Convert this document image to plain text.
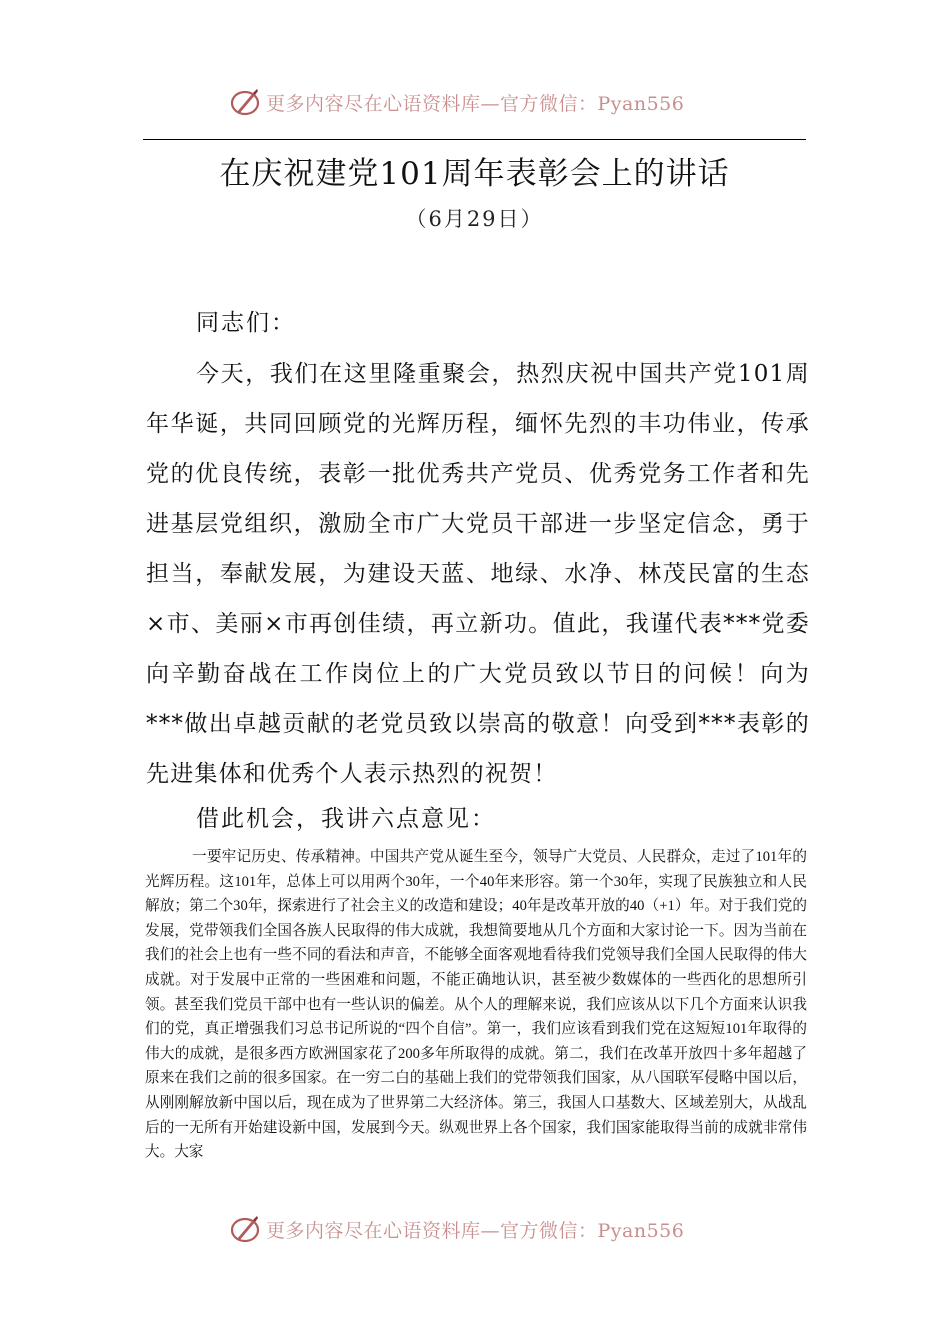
更多内容尽在心语资料库—官方微信：Pyan556
在庆祝建党101周年表彰会上的讲话
（6月29日）
同志们：

今天，我们在这里隆重聚会，热烈庆祝中国共产党101周年华诞，共同回顾党的光辉历程，缅怀先烈的丰功伟业，传承党的优良传统，表彰一批优秀共产党员、优秀党务工作者和先进基层党组织，激励全市广大党员干部进一步坚定信念，勇于担当，奉献发展，为建设天蓝、地绿、水净、林茂民富的生态×市、美丽×市再创佳绩，再立新功。值此，我谨代表***党委向辛勤奋战在工作岗位上的广大党员致以节日的问候！向为***做出卓越贡献的老党员致以崇高的敬意！向受到***表彰的先进集体和优秀个人表示热烈的祝贺！

借此机会，我讲六点意见：

一要牢记历史、传承精神。中国共产党从诞生至今，领导广大党员、人民群众，走过了101年的光辉历程。这101年，总体上可以用两个30年，一个40年来形容。第一个30年，实现了民族独立和人民解放；第二个30年，探索进行了社会主义的改造和建设；40年是改革开放的40（+1）年。对于我们党的发展，党带领我们全国各族人民取得的伟大成就，我想简要地从几个方面和大家讨论一下。因为当前在我们的社会上也有一些不同的看法和声音，不能够全面客观地看待我们党领导我们全国人民取得的伟大成就。对于发展中正常的一些困难和问题，不能正确地认识，甚至被少数媒体的一些西化的思想所引领。甚至我们党员干部中也有一些认识的偏差。从个人的理解来说，我们应该从以下几个方面来认识我们的党，真正增强我们习总书记所说的“四个自信”。第一，我们应该看到我们党在这短短101年取得的伟大的成就，是很多西方欧洲国家花了200多年所取得的成就。第二，我们在改革开放四十多年超越了原来在我们之前的很多国家。在一穷二白的基础上我们的党带领我们国家，从八国联军侵略中国以后，从刚刚解放新中国以后，现在成为了世界第二大经济体。第三，我国人口基数大、区域差别大，从战乱后的一无所有开始建设新中国，发展到今天。纵观世界上各个国家，我们国家能取得当前的成就非常伟大。大家

更多内容尽在心语资料库—官方微信：Pyan556
